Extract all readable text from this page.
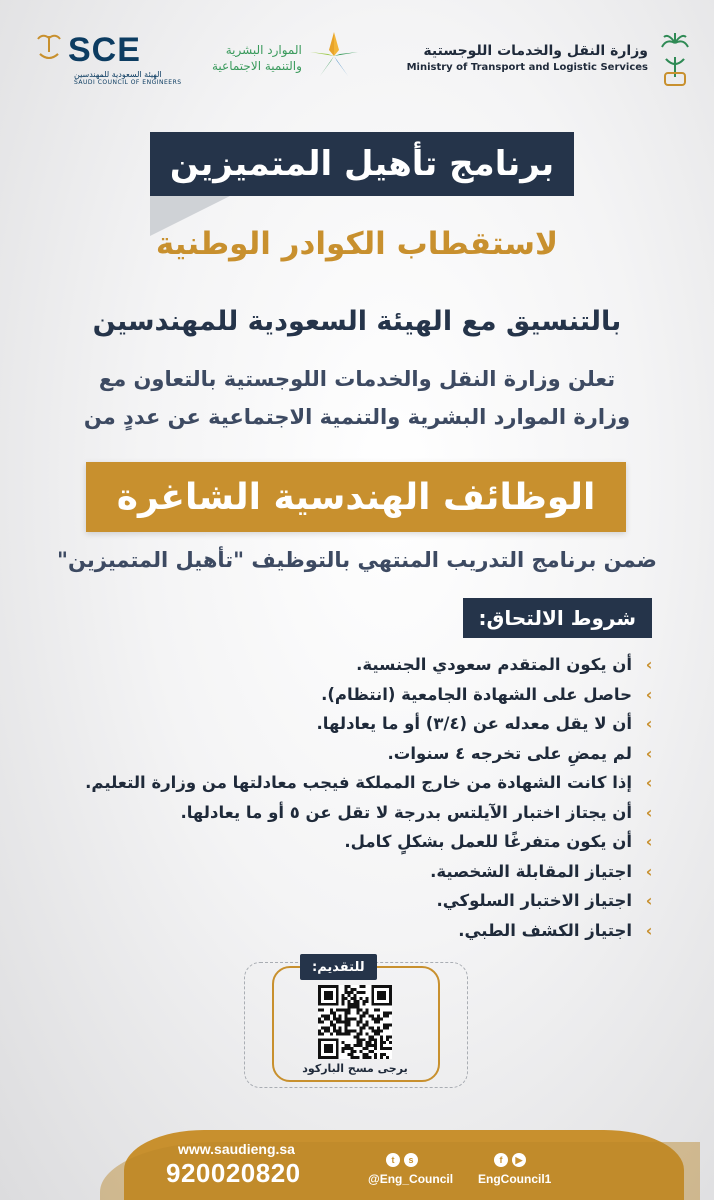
وزارة النقل والخدمات اللوجستية
Ministry of Transport and Logistic Services
الموارد البشرية
والتنمية الاجتماعية
SCE
الهيئة السعودية للمهندسين
SAUDI COUNCIL OF ENGINEERS
برنامج تأهيل المتميزين
لاستقطاب الكوادر الوطنية
بالتنسيق مع الهيئة السعودية للمهندسين
تعلن وزارة النقل والخدمات اللوجستية بالتعاون مع
وزارة الموارد البشرية والتنمية الاجتماعية عن عددٍ من
الوظائف الهندسية الشاغرة
ضمن برنامج التدريب المنتهي بالتوظيف "تأهيل المتميزين"
شروط الالتحاق:
›
أن يكون المتقدم سعودي الجنسية.
›
حاصل على الشهادة الجامعية (انتظام).
›
أن لا يقل معدله عن (٣/٤) أو ما يعادلها.
›
لم يمضِ على تخرجه ٤ سنوات.
›
إذا كانت الشهادة من خارج المملكة فيجب معادلتها من وزارة التعليم.
›
أن يجتاز اختبار الآيلتس بدرجة لا تقل عن ٥ أو ما يعادلها.
›
أن يكون متفرغًا للعمل بشكلٍ كامل.
›
اجتياز المقابلة الشخصية.
›
اجتياز الاختبار السلوكي.
›
اجتياز الكشف الطبي.
للتقديم:
يرجى مسح الباركود
www.saudieng.sa
920020820	t	s
@Eng_Council
f	▶
EngCouncil1
